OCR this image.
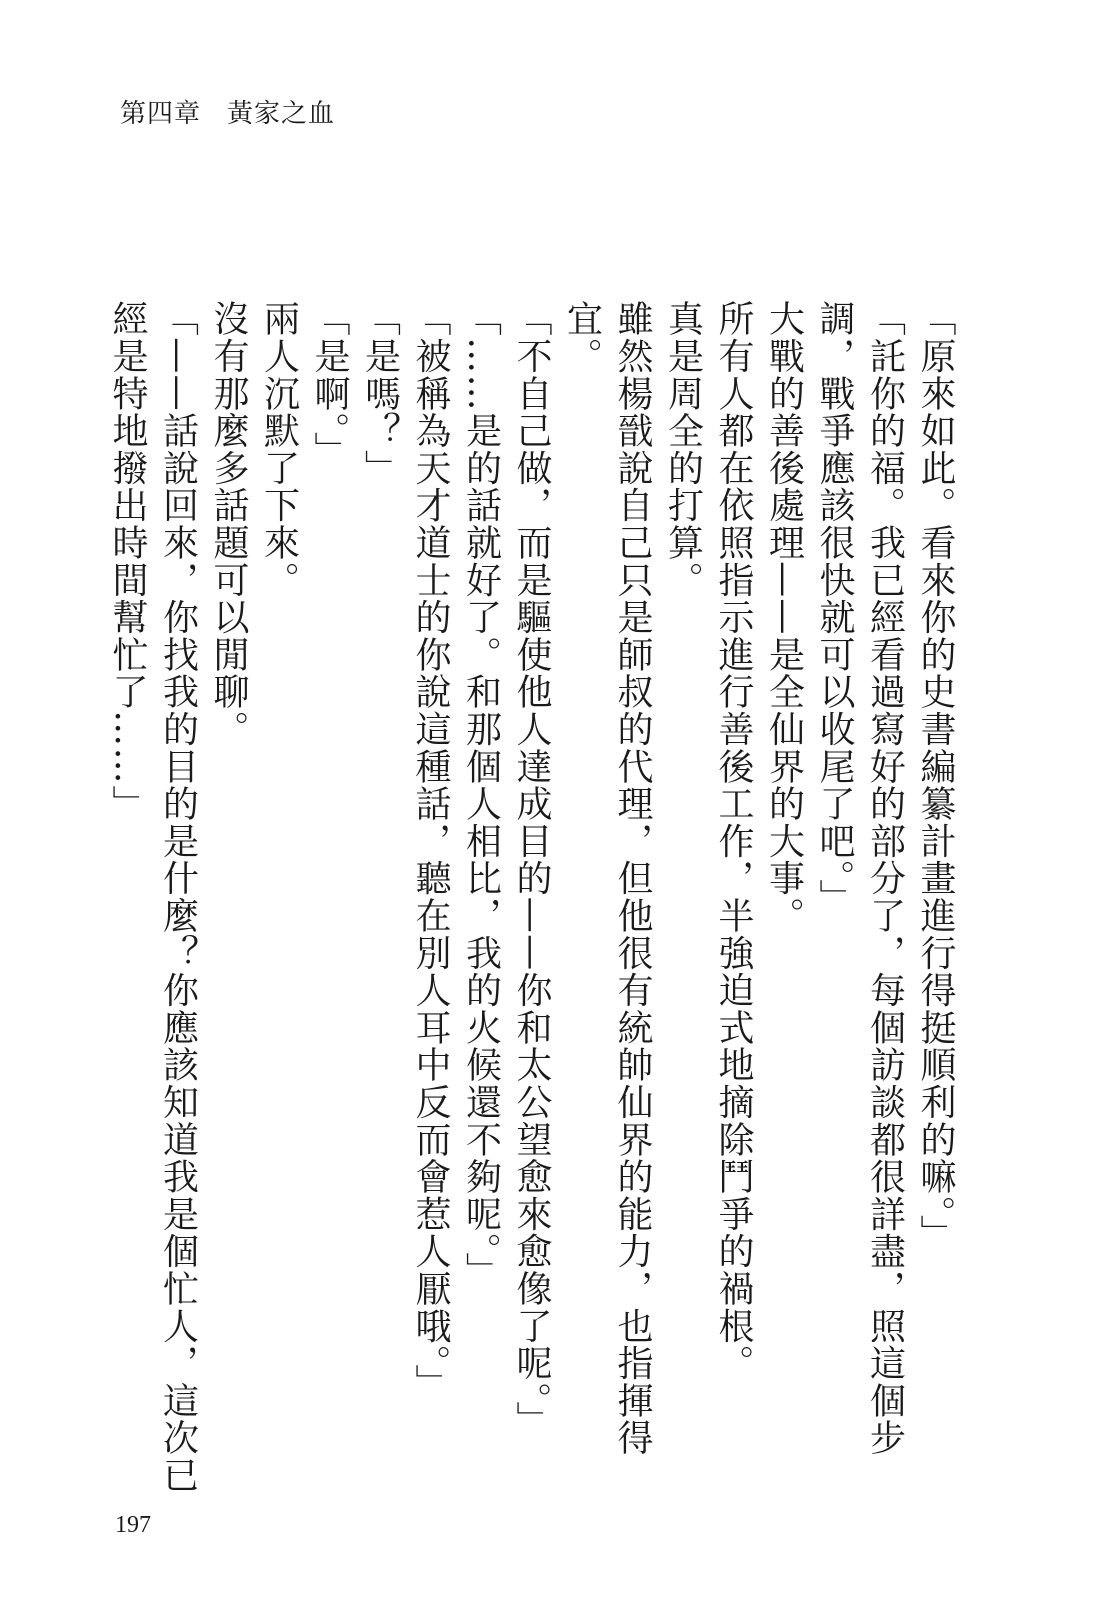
第四章 黃家之血

「原來如此。看來你的史書編纂計畫進行得挺順利的嘛。」

「託你的福。我已經看過寫好的部分了，每個訪談都很詳盡，照這個步調，戰爭應該很快就可以收尾了吧。」

大戰的善後處理——是全仙界的大事。

所有人都在依照指示進行善後工作，半強迫式地摘除鬥爭的禍根。

真是周全的打算。

雖然楊戩說自己只是師叔的代理，但他很有統帥仙界的能力，也指揮得宜。

「不自己做，而是驅使他人達成目的——你和太公望愈來愈像了呢。」

「……是的話就好了。和那個人相比，我的火候還不夠呢。」

「被稱為天才道士的你說這種話，聽在別人耳中反而會惹人厭哦。」

「是嗎？」

「是啊。」

兩人沉默了下來。

沒有那麼多話題可以閒聊。

「——話說回來，你找我的目的是什麼？你應該知道我是個忙人，這次已經是特地撥出時間幫忙了……」

197
